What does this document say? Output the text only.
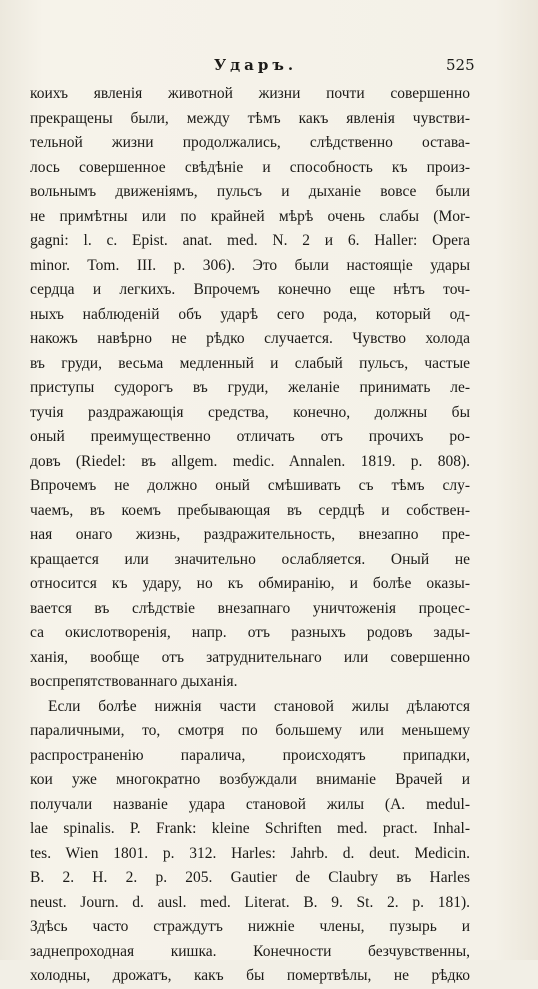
Ударъ.	525
коихъ явленія животной жизни почти совершенно
прекращены были, между тѣмъ какъ явленія чувстви-
тельной жизни продолжались, слѣдственно остава-
лось совершенное свѣдѣніе и способность къ произ-
вольнымъ движеніямъ, пульсъ и дыханіе вовсе были
не примѣтны или по крайней мѣрѣ очень слабы (Mor-
gagni: l. c. Epist. anat. med. N. 2 и 6. Haller: Opera
minor. Tom. III. p. 306). Это были настоящіе удары
сердца и легкихъ. Впрочемъ конечно еще нѣтъ точ-
ныхъ наблюденій объ ударѣ сего рода, который од-
накожъ навѣрно не рѣдко случается. Чувство холода
въ груди, весьма медленный и слабый пульсъ, частые
приступы судорогъ въ груди, желаніе принимать ле-
тучія раздражающія средства, конечно, должны бы
оный преимущественно отличать отъ прочихъ ро-
довъ (Riedel: въ allgem. medic. Annalen. 1819. p. 808).
Впрочемъ не должно оный смѣшивать съ тѣмъ слу-
чаемъ, въ коемъ пребывающая въ сердцѣ и собствен-
ная онаго жизнь, раздражительность, внезапно пре-
кращается или значительно ослабляется. Оный не
относится къ удару, но къ обмиранію, и болѣе оказы-
вается въ слѣдствіе внезапнаго уничтоженія процес-
са окислотворенія, напр. отъ разныхъ родовъ зады-
ханія, вообще отъ затруднительнаго или совершенно
воспрепятствованнаго дыханія.
Если болѣе нижнія части становой жилы дѣлаются
параличными, то, смотря по большему или меньшему
распространенію паралича, происходятъ припадки,
кои уже многократно возбуждали вниманіе Врачей и
получали названіе удара становой жилы (A. medul-
lae spinalis. P. Frank: kleine Schriften med. pract. Inhal-
tes. Wien 1801. p. 312. Harles: Jahrb. d. deut. Medicin.
B. 2. H. 2. p. 205. Gautier de Claubry въ Harles
neust. Journ. d. ausl. med. Literat. B. 9. St. 2. p. 181).
Здѣсь часто страждутъ нижніе члены, пузырь и
заднепроходная кишка. Конечности безчувственны,
холодны, дрожатъ, какъ бы помертвѣлы, не рѣдко
